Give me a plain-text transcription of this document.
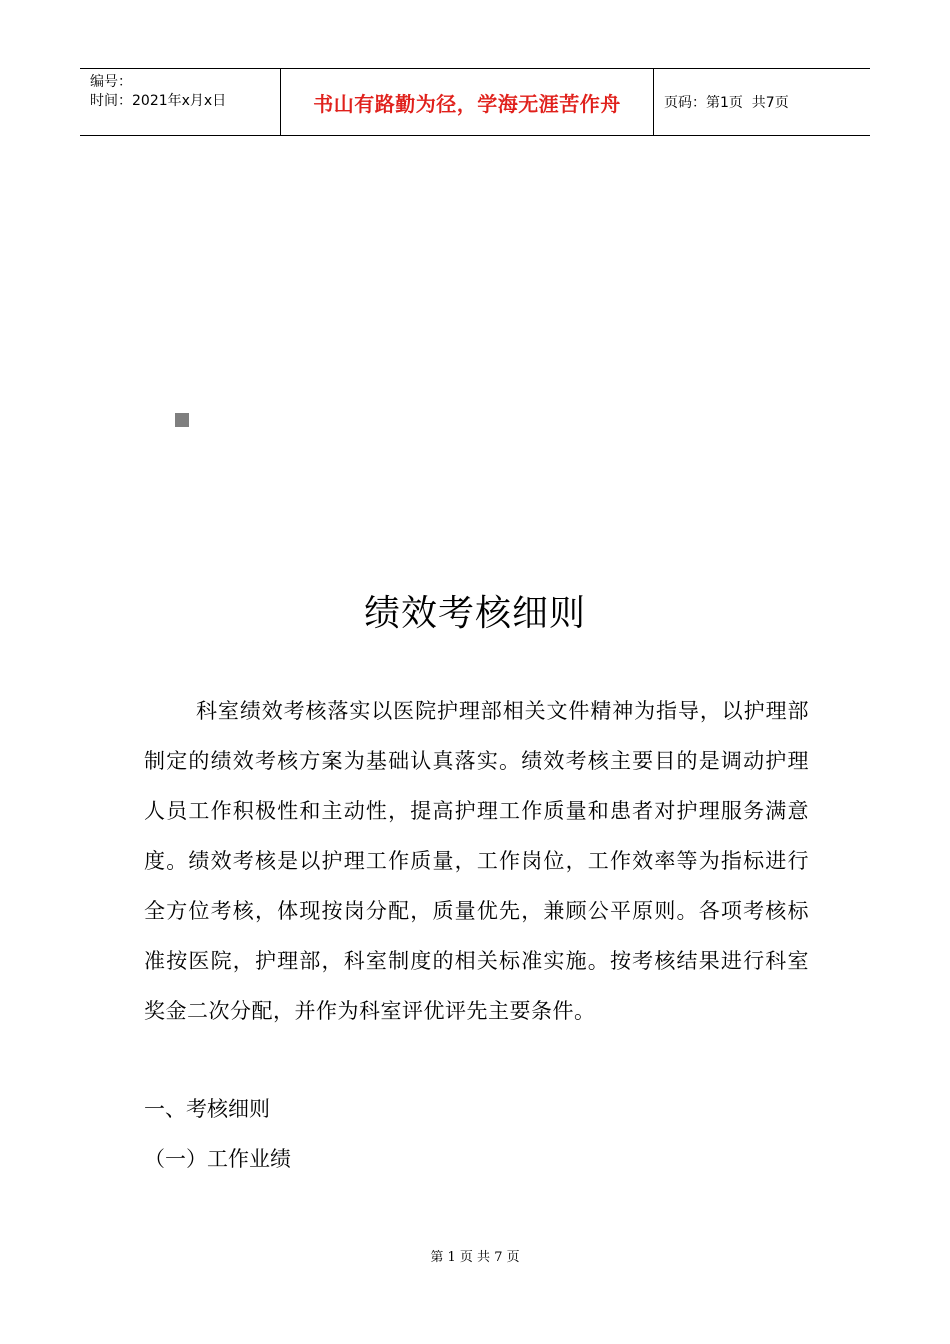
编号：
时间：2021年x月x日	书山有路勤为径，学海无涯苦作舟	页码：第1页  共7页
绩效考核细则

科室绩效考核落实以医院护理部相关文件精神为指导，以护理部制定的绩效考核方案为基础认真落实。绩效考核主要目的是调动护理人员工作积极性和主动性，提高护理工作质量和患者对护理服务满意度。绩效考核是以护理工作质量，工作岗位，工作效率等为指标进行全方位考核，体现按岗分配，质量优先，兼顾公平原则。各项考核标准按医院，护理部，科室制度的相关标准实施。按考核结果进行科室奖金二次分配，并作为科室评优评先主要条件。

一、考核细则
（一）工作业绩
第 1 页 共 7 页
